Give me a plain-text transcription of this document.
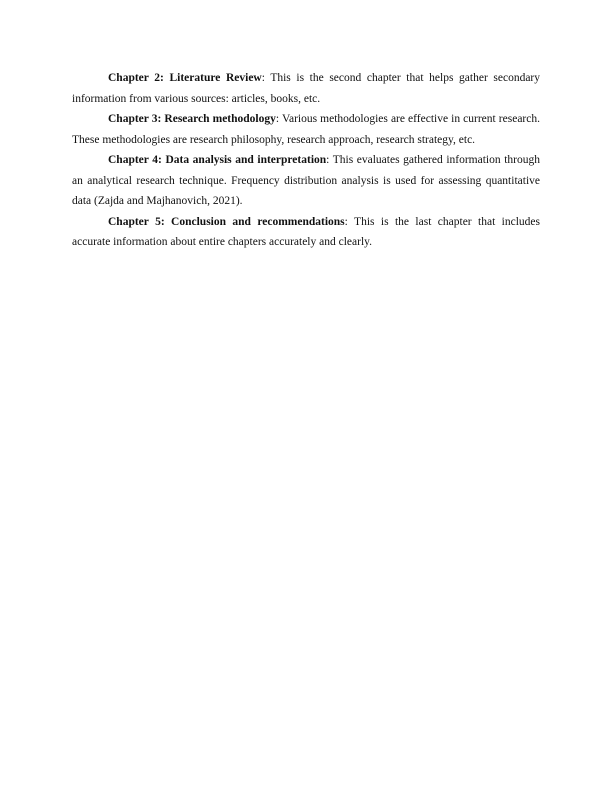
Chapter 2: Literature Review: This is the second chapter that helps gather secondary information from various sources: articles, books, etc.

Chapter 3: Research methodology: Various methodologies are effective in current research. These methodologies are research philosophy, research approach, research strategy, etc.

Chapter 4: Data analysis and interpretation: This evaluates gathered information through an analytical research technique. Frequency distribution analysis is used for assessing quantitative data (Zajda and Majhanovich, 2021).

Chapter 5: Conclusion and recommendations: This is the last chapter that includes accurate information about entire chapters accurately and clearly.
